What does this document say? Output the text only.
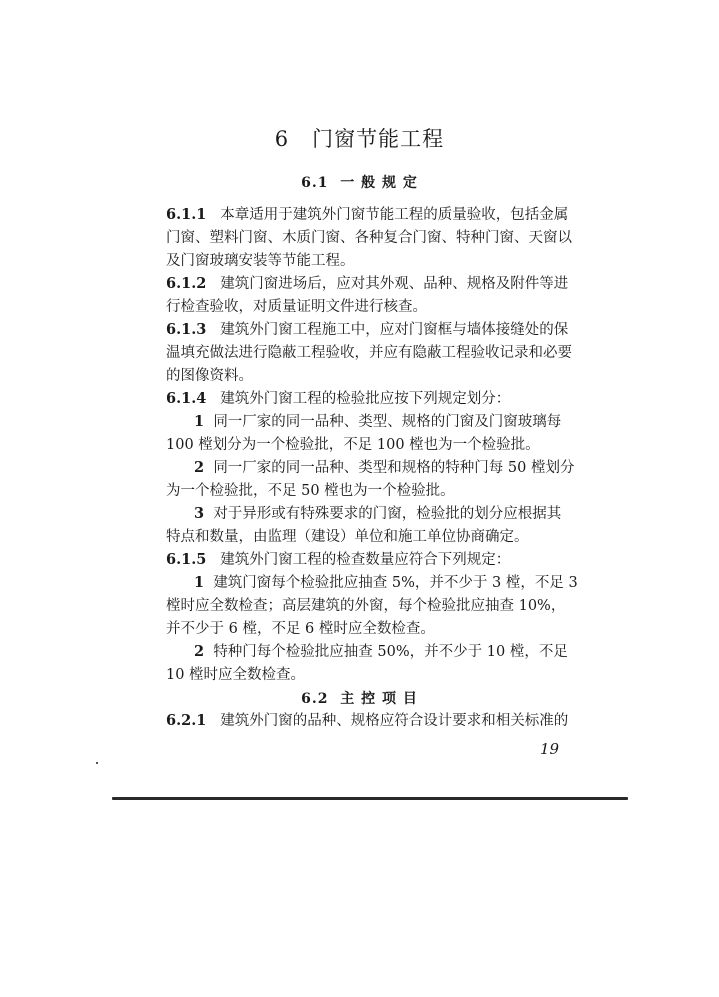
6   门窗节能工程
6.1  一 般 规 定
6.1.1 本章适用于建筑外门窗节能工程的质量验收，包括金属
门窗、塑料门窗、木质门窗、各种复合门窗、特种门窗、天窗以
及门窗玻璃安装等节能工程。
6.1.2 建筑门窗进场后，应对其外观、品种、规格及附件等进
行检查验收，对质量证明文件进行核查。
6.1.3 建筑外门窗工程施工中，应对门窗框与墙体接缝处的保
温填充做法进行隐蔽工程验收，并应有隐蔽工程验收记录和必要
的图像资料。
6.1.4 建筑外门窗工程的检验批应按下列规定划分：
1 同一厂家的同一品种、类型、规格的门窗及门窗玻璃每
100 樘划分为一个检验批，不足 100 樘也为一个检验批。
2 同一厂家的同一品种、类型和规格的特种门每 50 樘划分
为一个检验批，不足 50 樘也为一个检验批。
3 对于异形或有特殊要求的门窗，检验批的划分应根据其
特点和数量，由监理（建设）单位和施工单位协商确定。
6.1.5 建筑外门窗工程的检查数量应符合下列规定：
1 建筑门窗每个检验批应抽查 5%，并不少于 3 樘，不足 3
樘时应全数检查；高层建筑的外窗，每个检验批应抽查 10%，
并不少于 6 樘，不足 6 樘时应全数检查。
2 特种门每个检验批应抽查 50%，并不少于 10 樘，不足
10 樘时应全数检查。
6.2  主 控 项 目
6.2.1 建筑外门窗的品种、规格应符合设计要求和相关标准的
19
